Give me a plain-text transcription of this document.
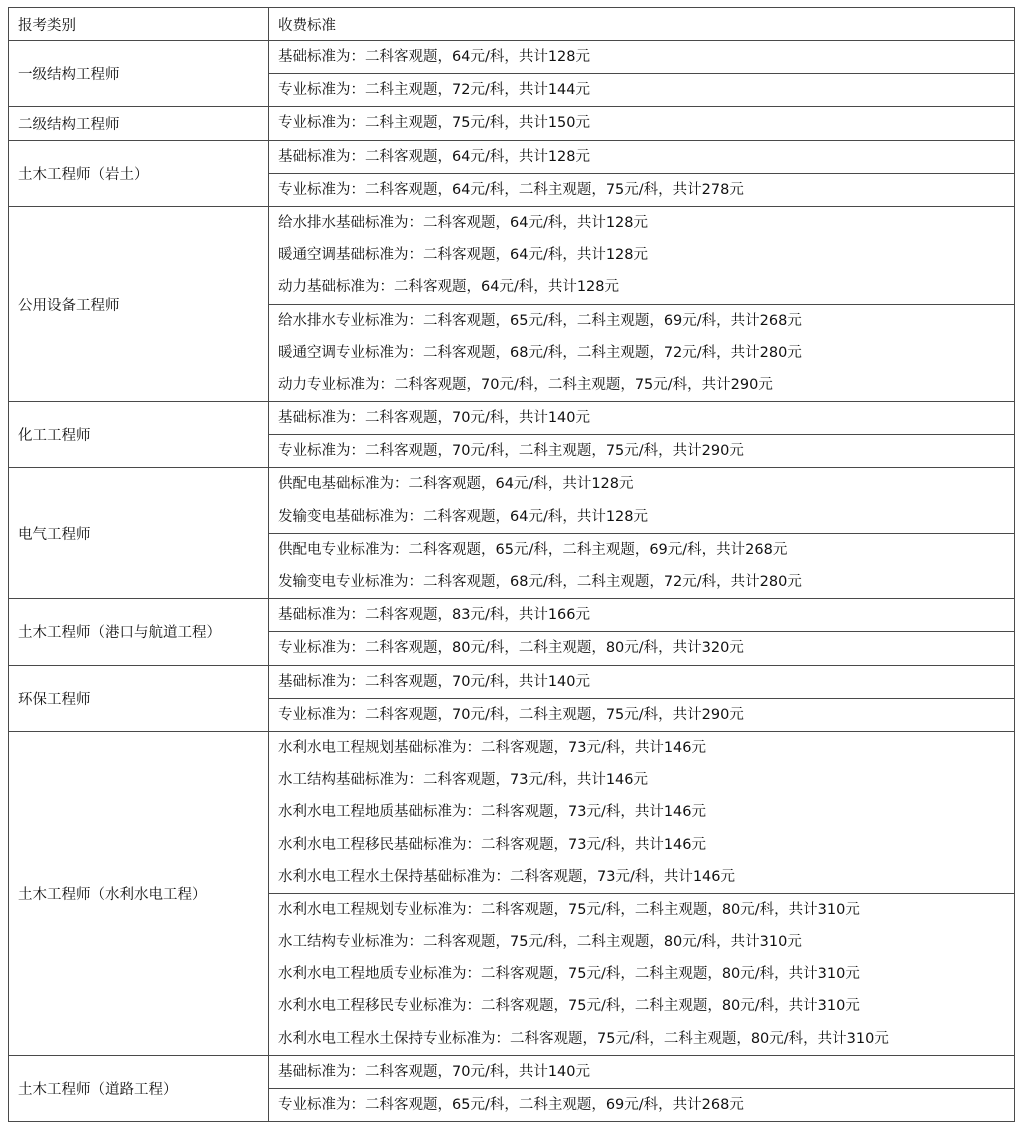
报考类别	收费标准
一级结构工程师	基础标准为：二科客观题，64元/科，共计128元

	专业标准为：二科主观题，72元/科，共计144元

二级结构工程师	专业标准为：二科主观题，75元/科，共计150元

土木工程师（岩土）	基础标准为：二科客观题，64元/科，共计128元

	专业标准为：二科客观题，64元/科，二科主观题，75元/科，共计278元

公用设备工程师	给水排水基础标准为：二科客观题，64元/科，共计128元
暖通空调基础标准为：二科客观题，64元/科，共计128元
动力基础标准为：二科客观题，64元/科，共计128元

	给水排水专业标准为：二科客观题，65元/科，二科主观题，69元/科，共计268元
暖通空调专业标准为：二科客观题，68元/科，二科主观题，72元/科，共计280元
动力专业标准为：二科客观题，70元/科，二科主观题，75元/科，共计290元

化工工程师	基础标准为：二科客观题，70元/科，共计140元

	专业标准为：二科客观题，70元/科，二科主观题，75元/科，共计290元

电气工程师	供配电基础标准为：二科客观题，64元/科，共计128元
发输变电基础标准为：二科客观题，64元/科，共计128元

	供配电专业标准为：二科客观题，65元/科，二科主观题，69元/科，共计268元
发输变电专业标准为：二科客观题，68元/科，二科主观题，72元/科，共计280元

土木工程师（港口与航道工程）	基础标准为：二科客观题，83元/科，共计166元

	专业标准为：二科客观题，80元/科，二科主观题，80元/科，共计320元

环保工程师	基础标准为：二科客观题，70元/科，共计140元

	专业标准为：二科客观题，70元/科，二科主观题，75元/科，共计290元

土木工程师（水利水电工程）	水利水电工程规划基础标准为：二科客观题，73元/科，共计146元
水工结构基础标准为：二科客观题，73元/科，共计146元
水利水电工程地质基础标准为：二科客观题，73元/科，共计146元
水利水电工程移民基础标准为：二科客观题，73元/科，共计146元
水利水电工程水土保持基础标准为：二科客观题，73元/科，共计146元

	水利水电工程规划专业标准为：二科客观题，75元/科，二科主观题，80元/科，共计310元
水工结构专业标准为：二科客观题，75元/科，二科主观题，80元/科，共计310元
水利水电工程地质专业标准为：二科客观题，75元/科，二科主观题，80元/科，共计310元
水利水电工程移民专业标准为：二科客观题，75元/科，二科主观题，80元/科，共计310元
水利水电工程水土保持专业标准为：二科客观题，75元/科，二科主观题，80元/科，共计310元

土木工程师（道路工程）	基础标准为：二科客观题，70元/科，共计140元

	专业标准为：二科客观题，65元/科，二科主观题，69元/科，共计268元
